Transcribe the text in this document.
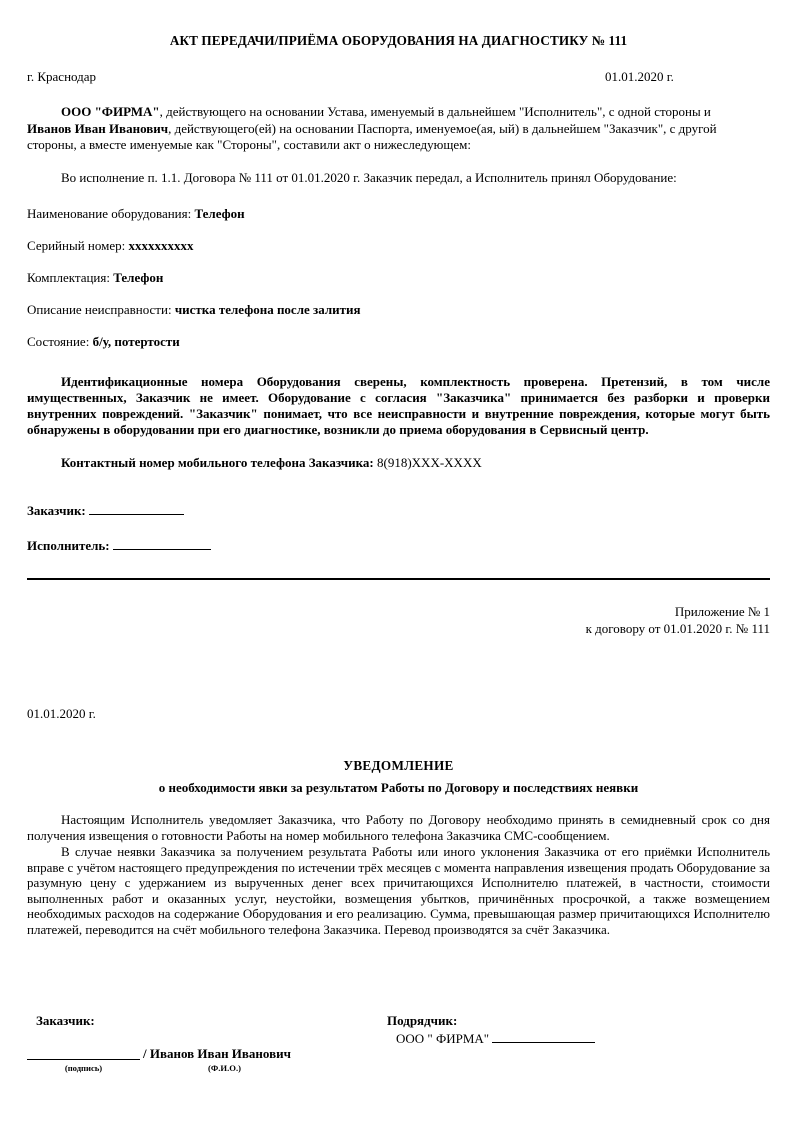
АКТ ПЕРЕДАЧИ/ПРИЁМА ОБОРУДОВАНИЯ НА ДИАГНОСТИКУ № 111
г. Краснодар	01.01.2020 г.
ООО "ФИРМА", действующего на основании Устава, именуемый в дальнейшем "Исполнитель", с одной стороны и
Иванов Иван Иванович, действующего(ей) на основании Паспорта, именуемое(ая, ый) в дальнейшем "Заказчик", с другой
стороны, а вместе именуемые как "Стороны", составили акт о нижеследующем:
Во исполнение п. 1.1. Договора № 111 от 01.01.2020 г. Заказчик передал, а Исполнитель принял Оборудование:
Наименование оборудования: Телефон
Серийный номер: xxxxxxxxxx
Комплектация: Телефон
Описание неисправности: чистка телефона после залития
Состояние: б/у, потертости
Идентификационные номера Оборудования сверены, комплектность проверена. Претензий, в том числе имущественных, Заказчик не имеет. Оборудование с согласия "Заказчика" принимается без разборки и проверки внутренних повреждений. "Заказчик" понимает, что все неисправности и внутренние повреждения, которые могут быть обнаружены в оборудовании при его диагностике, возникли до приема оборудования в Сервисный центр.
Контактный номер мобильного телефона Заказчика: 8(918)XXX-XXXX
Заказчик:
Исполнитель:
Приложение № 1
к договору от 01.01.2020 г. № 111
01.01.2020 г.
УВЕДОМЛЕНИЕ
о необходимости явки за результатом Работы по Договору и последствиях неявки
Настоящим Исполнитель уведомляет Заказчика, что Работу по Договору необходимо принять в семидневный срок со дня получения извещения о готовности Работы на номер мобильного телефона Заказчика СМС-сообщением.
В случае неявки Заказчика за получением результата Работы или иного уклонения Заказчика от его приёмки Исполнитель вправе с учётом настоящего предупреждения по истечении трёх месяцев с момента направления извещения продать Оборудование за разумную цену с удержанием из вырученных денег всех причитающихся Исполнителю платежей, в частности, стоимости выполненных работ и оказанных услуг, неустойки, возмещения убытков, причинённых просрочкой, а также возмещением необходимых расходов на содержание Оборудования и его реализацию. Сумма, превышающая размер причитающихся Исполнителю платежей, переводится на счёт мобильного телефона Заказчика. Перевод производятся за счёт Заказчика.
Заказчик:	Подрядчик:
ООО " ФИРМА"
/ Иванов Иван Иванович
(подпись)	(Ф.И.О.)
